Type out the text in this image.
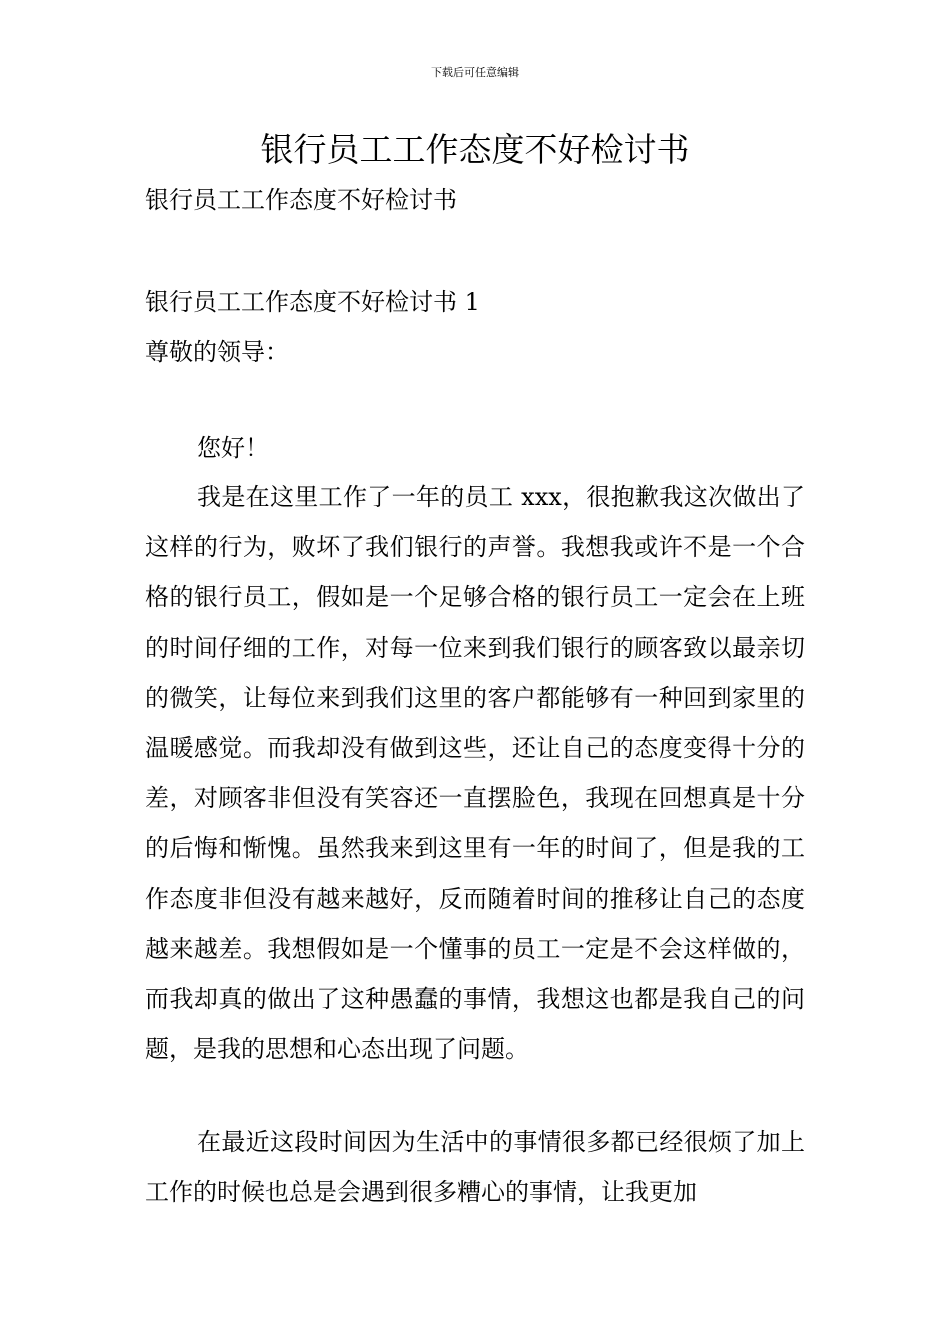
下载后可任意编辑
银行员工工作态度不好检讨书

银行员工工作态度不好检讨书

银行员工工作态度不好检讨书 1

尊敬的领导：

您好！

我是在这里工作了一年的员工 xxx，很抱歉我这次做出了这样的行为，败坏了我们银行的声誉。我想我或许不是一个合格的银行员工，假如是一个足够合格的银行员工一定会在上班的时间仔细的工作，对每一位来到我们银行的顾客致以最亲切的微笑，让每位来到我们这里的客户都能够有一种回到家里的温暖感觉。而我却没有做到这些，还让自己的态度变得十分的差，对顾客非但没有笑容还一直摆脸色，我现在回想真是十分的后悔和惭愧。虽然我来到这里有一年的时间了，但是我的工作态度非但没有越来越好，反而随着时间的推移让自己的态度越来越差。我想假如是一个懂事的员工一定是不会这样做的，而我却真的做出了这种愚蠢的事情，我想这也都是我自己的问题，是我的思想和心态出现了问题。

在最近这段时间因为生活中的事情很多都已经很烦了加上工作的时候也总是会遇到很多糟心的事情，让我更加
